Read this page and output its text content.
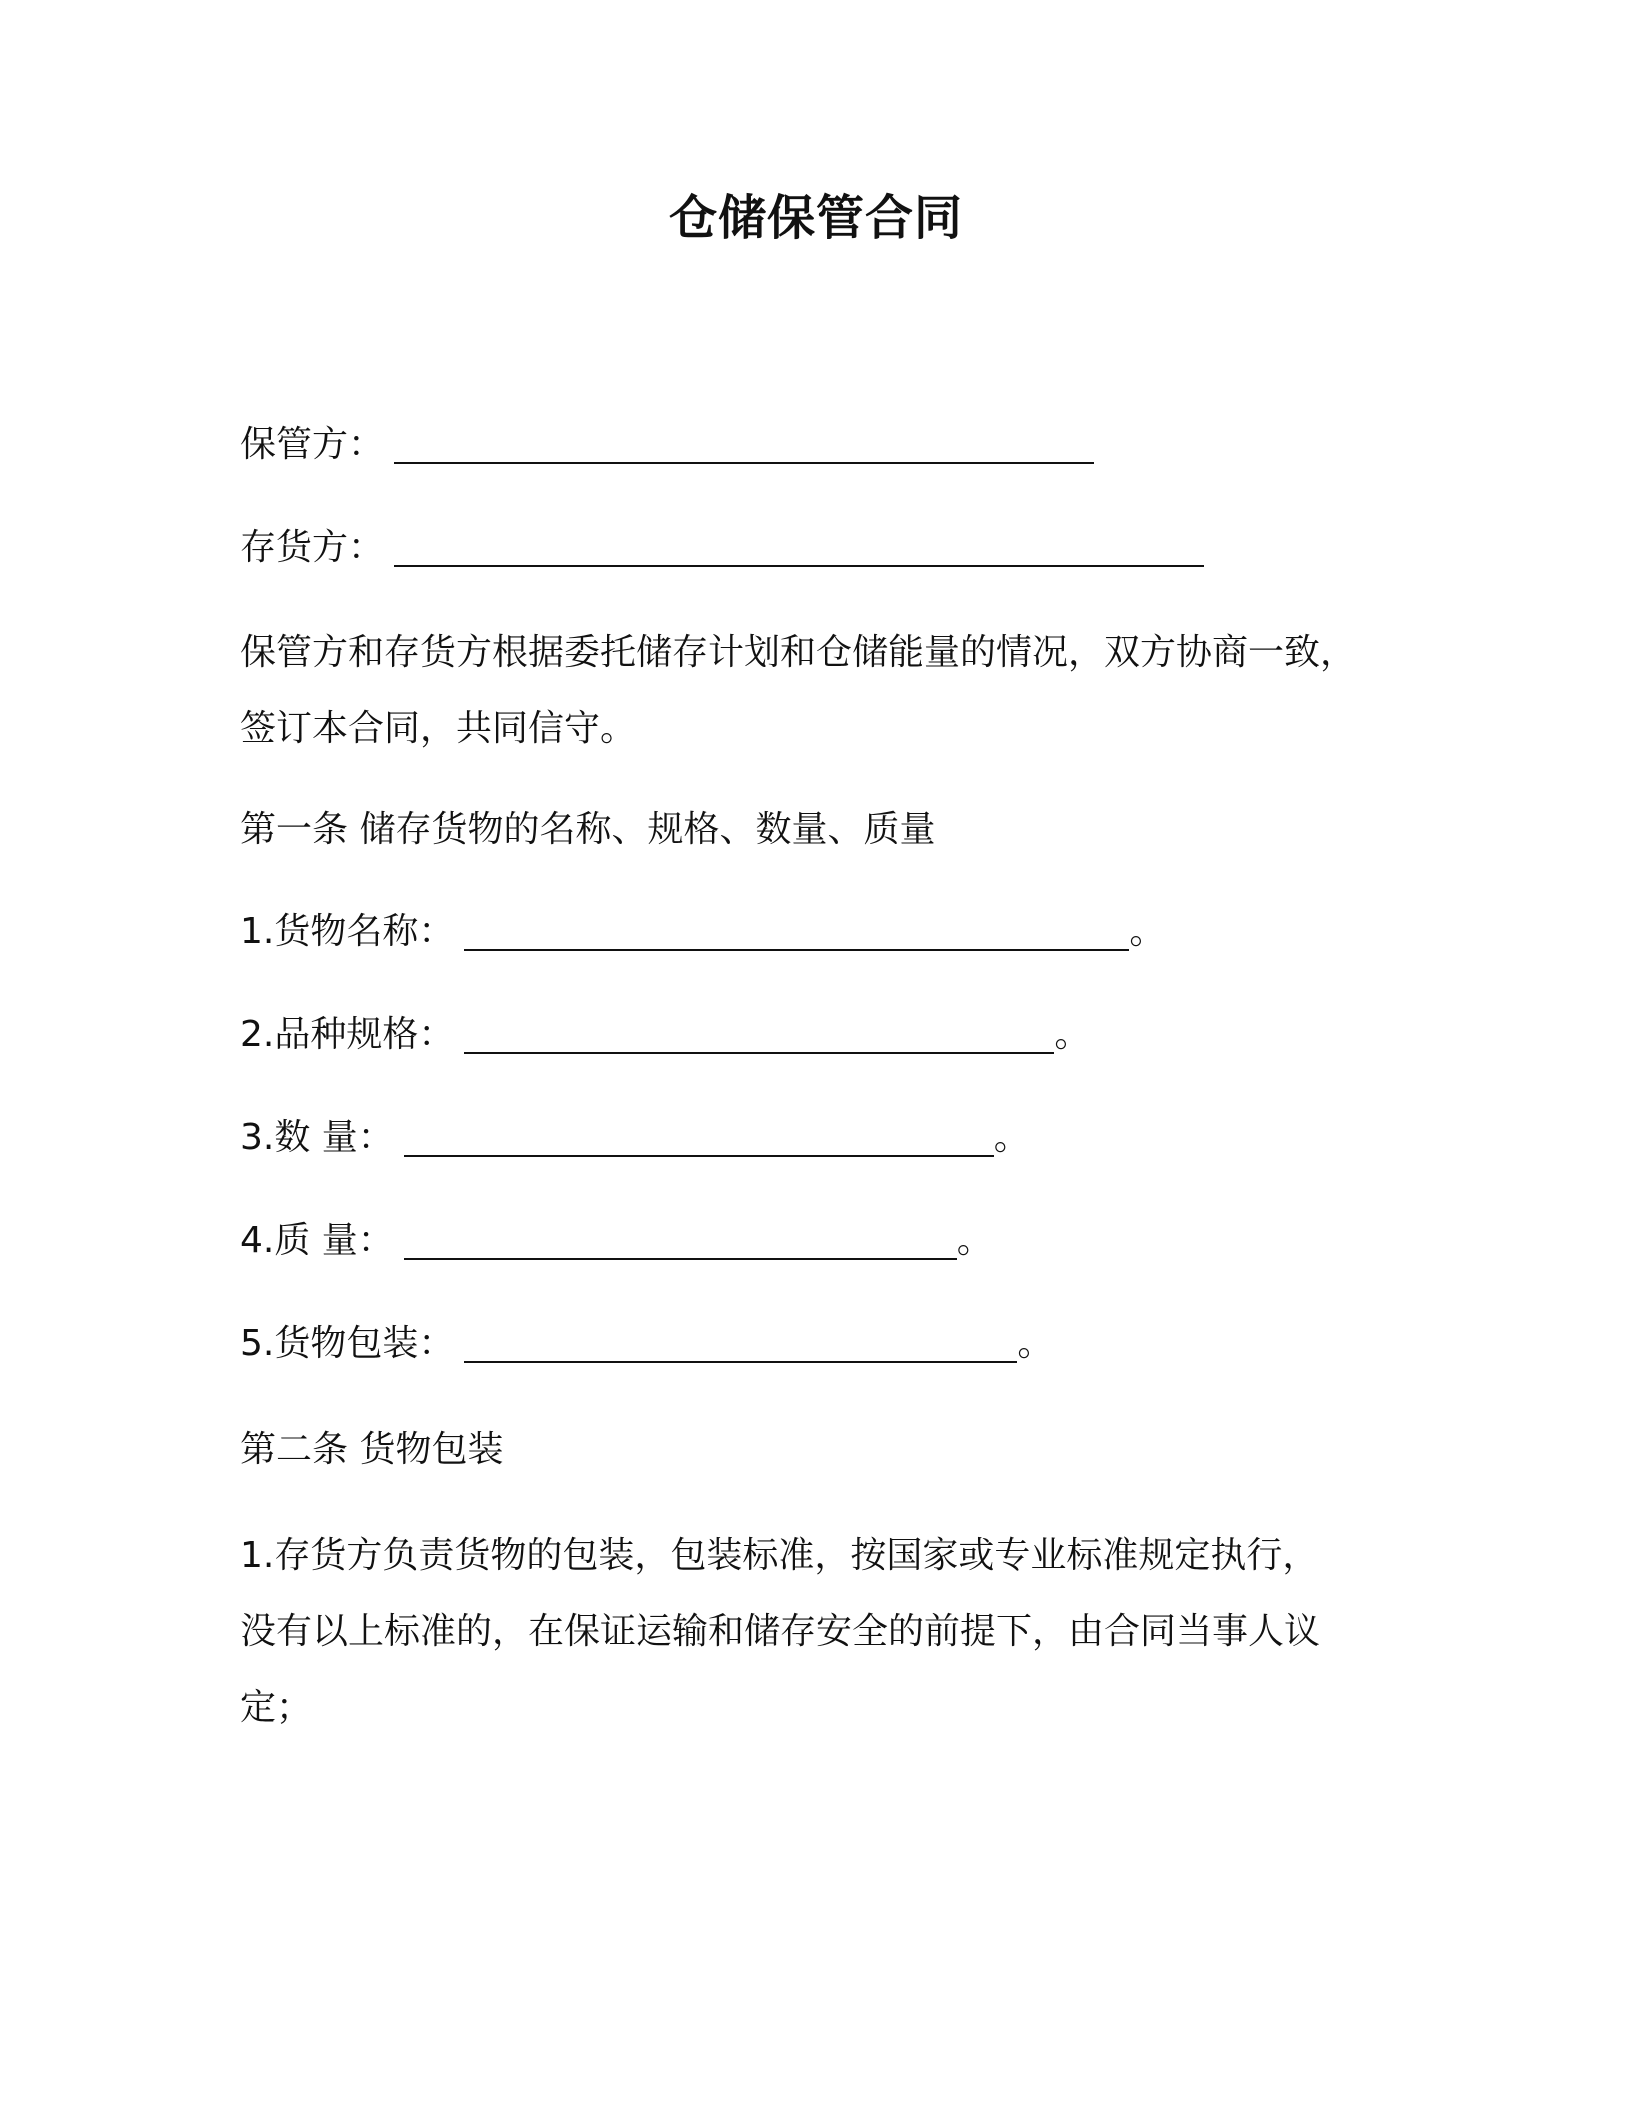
仓储保管合同
保管方：
存货方：
保管方和存货方根据委托储存计划和仓储能量的情况，双方协商一致，
签订本合同，共同信守。
第一条 储存货物的名称、规格、数量、质量
1.货物名称：	。
2.品种规格：	。
3.数 量：	。
4.质 量：	。
5.货物包装：	。
第二条 货物包装
1.存货方负责货物的包装，包装标准，按国家或专业标准规定执行，
没有以上标准的，在保证运输和储存安全的前提下，由合同当事人议
定；
